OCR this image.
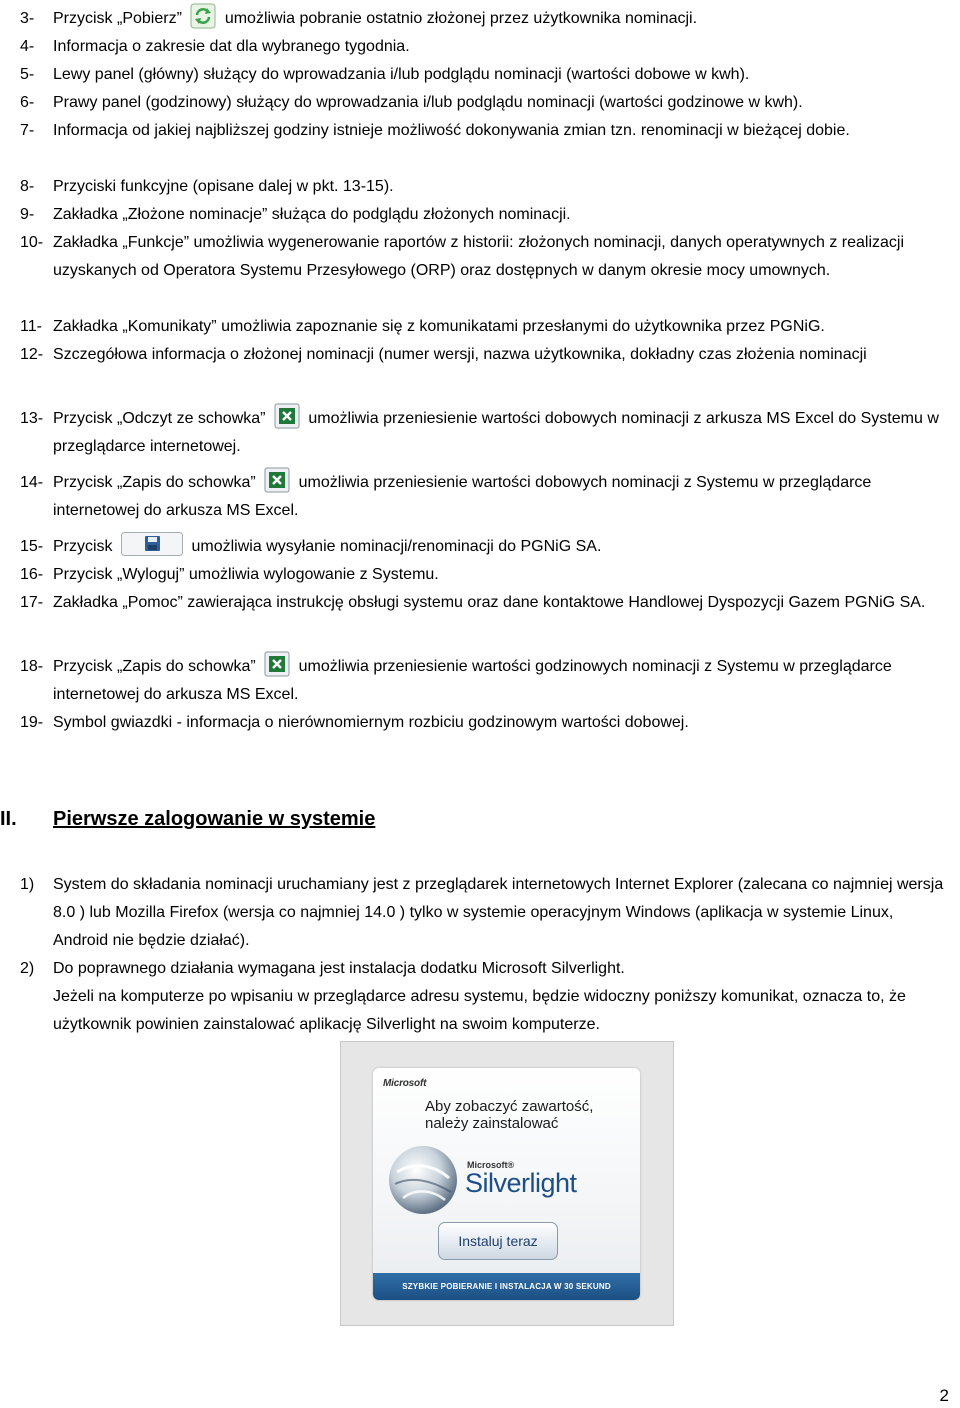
3- Przycisk „Pobierz”	umożliwia pobranie ostatnio złożonej przez użytkownika nominacji.
4- Informacja o zakresie dat dla wybranego tygodnia.
5- Lewy panel (główny) służący do wprowadzania i/lub podglądu nominacji (wartości dobowe w kwh).
6- Prawy panel (godzinowy) służący do wprowadzania i/lub podglądu nominacji (wartości godzinowe w kwh).
7- Informacja od jakiej najbliższej godziny istnieje możliwość dokonywania zmian tzn. renominacji w bieżącej dobie.
8- Przyciski funkcyjne (opisane dalej w pkt. 13-15).
9- Zakładka „Złożone nominacje” służąca do podglądu złożonych nominacji.
10- Zakładka „Funkcje” umożliwia wygenerowanie raportów z historii: złożonych nominacji, danych operatywnych z realizacji uzyskanych od Operatora Systemu Przesyłowego (ORP) oraz dostępnych w danym okresie mocy umownych.
11- Zakładka „Komunikaty” umożliwia zapoznanie się z komunikatami przesłanymi do użytkownika przez PGNiG.
12- Szczegółowa informacja o złożonej nominacji (numer wersji, nazwa użytkownika, dokładny czas złożenia nominacji
13- Przycisk „Odczyt ze schowka”	umożliwia przeniesienie wartości dobowych nominacji z arkusza MS Excel do Systemu w przeglądarce internetowej.
14- Przycisk „Zapis do schowka”	umożliwia przeniesienie wartości dobowych nominacji z Systemu w przeglądarce internetowej do arkusza MS Excel.
15- Przycisk	umożliwia wysyłanie nominacji/renominacji do PGNiG SA.
16- Przycisk „Wyloguj” umożliwia wylogowanie z Systemu.
17- Zakładka „Pomoc” zawierająca instrukcję obsługi systemu oraz dane kontaktowe Handlowej Dyspozycji Gazem PGNiG SA.
18- Przycisk „Zapis do schowka”	umożliwia przeniesienie wartości godzinowych nominacji z Systemu w przeglądarce internetowej do arkusza MS Excel.
19- Symbol gwiazdki - informacja o nierównomiernym rozbiciu godzinowym wartości dobowej.
II. Pierwsze zalogowanie w systemie
1) System do składania nominacji uruchamiany jest z przeglądarek internetowych Internet Explorer (zalecana co najmniej wersja 8.0 ) lub Mozilla Firefox (wersja co najmniej 14.0 ) tylko w systemie operacyjnym Windows (aplikacja w systemie Linux, Android nie będzie działać).
2) Do poprawnego działania wymagana jest instalacja dodatku Microsoft Silverlight.
Jeżeli na komputerze po wpisaniu w przeglądarce adresu systemu, będzie widoczny poniższy komunikat, oznacza to, że użytkownik powinien zainstalować aplikację Silverlight na swoim komputerze.
Microsoft
Aby zobaczyć zawartość, należy zainstalować
Microsoft®
Silverlight
Instaluj teraz
SZYBKIE POBIERANIE I INSTALACJA W 30 SEKUND
2
